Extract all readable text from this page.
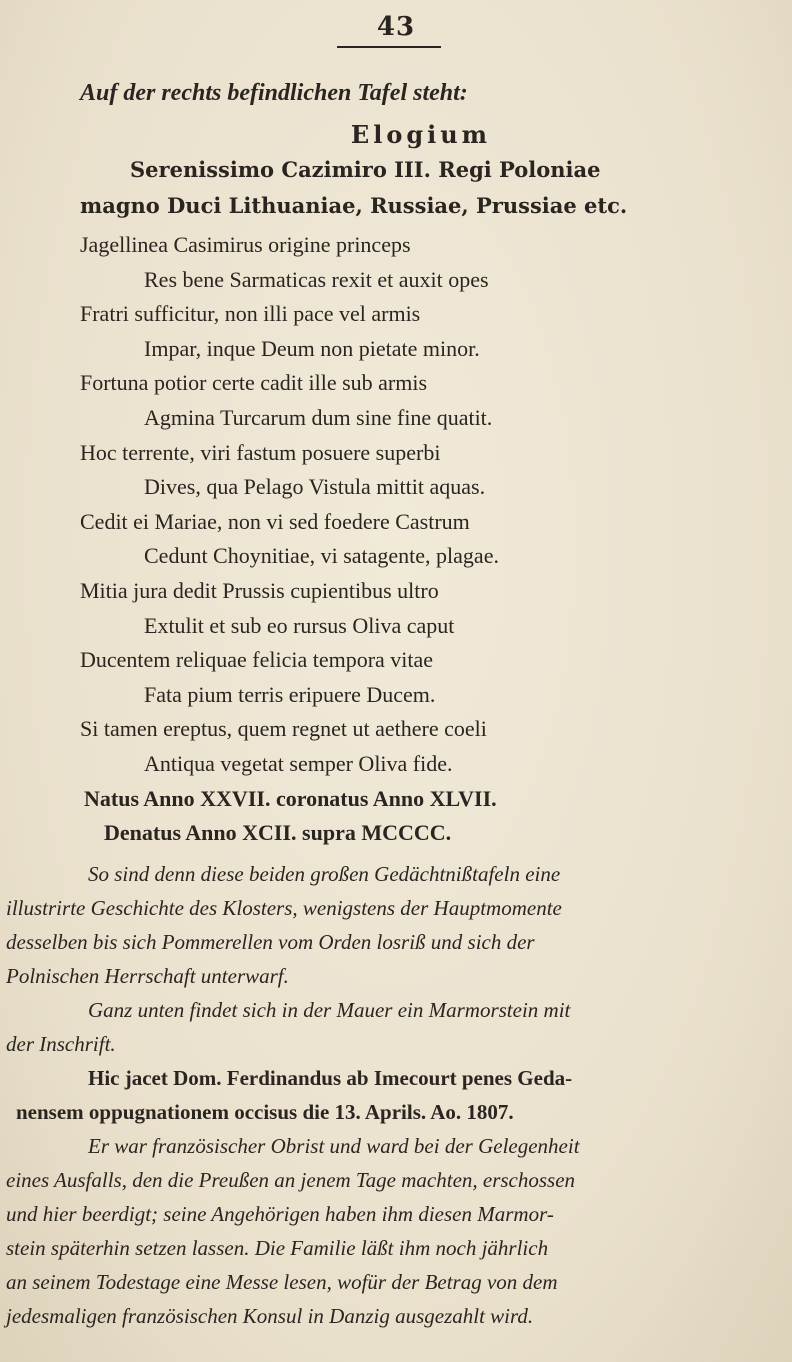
43

Auf der rechts befindlichen Tafel steht:

Elogium

Serenissimo Cazimiro III. Regi Poloniae

magno Duci Lithuaniae, Russiae, Prussiae etc.

Jagellinea Casimirus origine princeps

Res bene Sarmaticas rexit et auxit opes

Fratri sufficitur, non illi pace vel armis

Impar, inque Deum non pietate minor.

Fortuna potior certe cadit ille sub armis

Agmina Turcarum dum sine fine quatit.

Hoc terrente, viri fastum posuere superbi

Dives, qua Pelago Vistula mittit aquas.

Cedit ei Mariae, non vi sed foedere Castrum

Cedunt Choynitiae, vi satagente, plagae.

Mitia jura dedit Prussis cupientibus ultro

Extulit et sub eo rursus Oliva caput

Ducentem reliquae felicia tempora vitae

Fata pium terris eripuere Ducem.

Si tamen ereptus, quem regnet ut aethere coeli

Antiqua vegetat semper Oliva fide.

Natus Anno XXVII. coronatus Anno XLVII.

Denatus Anno XCII. supra MCCCC.

So sind denn diese beiden großen Gedächtnißtafeln eine

illustrirte Geschichte des Klosters, wenigstens der Hauptmomente

desselben bis sich Pommerellen vom Orden losriß und sich der

Polnischen Herrschaft unterwarf.

Ganz unten findet sich in der Mauer ein Marmorstein mit

der Inschrift.

Hic jacet Dom. Ferdinandus ab Imecourt penes Geda-

nensem oppugnationem occisus die 13. Aprils. Ao. 1807.

Er war französischer Obrist und ward bei der Gelegenheit

eines Ausfalls, den die Preußen an jenem Tage machten, erschossen

und hier beerdigt; seine Angehörigen haben ihm diesen Marmor-

stein späterhin setzen lassen. Die Familie läßt ihm noch jährlich

an seinem Todestage eine Messe lesen, wofür der Betrag von dem

jedesmaligen französischen Konsul in Danzig ausgezahlt wird.
